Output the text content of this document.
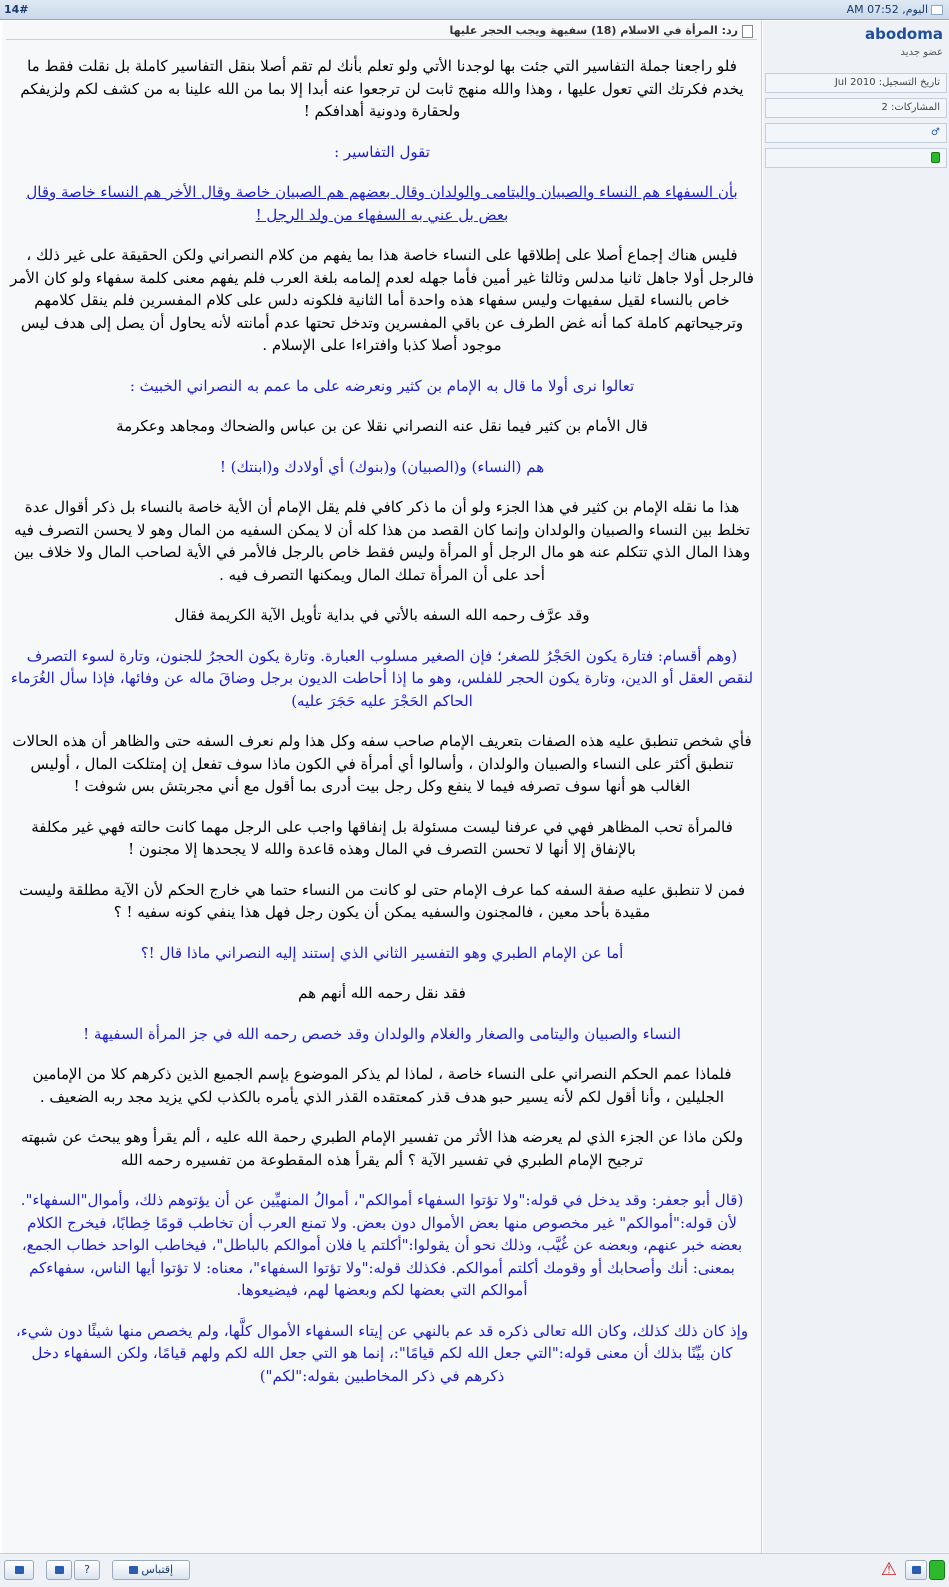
14#	اليوم, 07:52 AM
رد: المرأة في الاسلام (18) سفيهة ويجب الحجر عليها

فلو راجعنا جملة التفاسير التي جئت بها لوجدنا الأتي ولو تعلم بأنك لم تقم أصلا بنقل التفاسير كاملة بل نقلت فقط ما يخدم فكرتك التي تعول عليها ، وهذا والله منهج ثابت لن ترجعوا عنه أبدا إلا بما من الله علينا به من كشف لكم ولزيفكم ولحقارة ودونية أهدافكم !

تقول التفاسير :

بأن السفهاء هم النساء والصبيان واليتامى والولدان وقال بعضهم هم الصبيان خاصة وقال الأخر هم النساء خاصة وقال بعض بل عني به السفهاء من ولد الرجل !

فليس هناك إجماع أصلا على إطلاقها على النساء خاصة هذا بما يفهم من كلام النصراني ولكن الحقيقة على غير ذلك ، فالرجل أولا جاهل ثانيا مدلس وثالثا غير أمين فأما جهله لعدم إلمامه بلغة العرب فلم يفهم معنى كلمة سفهاء ولو كان الأمر خاص بالنساء لقيل سفيهات وليس سفهاء هذه واحدة أما الثانية فلكونه دلس على كلام المفسرين فلم ينقل كلامهم وترجيحاتهم كاملة كما أنه غض الطرف عن باقي المفسرين وتدخل تحتها عدم أمانته لأنه يحاول أن يصل إلى هدف ليس موجود أصلا كذبا وافتراءا على الإسلام .

تعالوا نرى أولا ما قال به الإمام بن كثير ونعرضه على ما عمم به النصراني الخبيث :

قال الأمام بن كثير فيما نقل عنه النصراني نقلا عن بن عباس والضحاك ومجاهد وعكرمة

هم (النساء) و(الصبيان) و(بنوك) أي أولادك و(ابنتك) !

هذا ما نقله الإمام بن كثير في هذا الجزء ولو أن ما ذكر كافي فلم يقل الإمام أن الأية خاصة بالنساء بل ذكر أقوال عدة تخلط بين النساء والصبيان والولدان وإنما كان القصد من هذا كله أن لا يمكن السفيه من المال وهو لا يحسن التصرف فيه وهذا المال الذي تتكلم عنه هو مال الرجل أو المرأة وليس فقط خاص بالرجل فالأمر في الأية لصاحب المال ولا خلاف بين أحد على أن المرأة تملك المال ويمكنها التصرف فيه .

وقد عرَّف رحمه الله السفه بالأتي في بداية تأويل الآية الكريمة فقال

(وهم أقسام: فتارة يكون الحَجْرُ للصغر؛ فإن الصغير مسلوب العبارة. وتارة يكون الحجرُ للجنون، وتارة لسوء التصرف لنقص العقل أو الدين، وتارة يكون الحجر للفلس، وهو ما إذا أحاطت الديون برجل وضاقَ ماله عن وفائها، فإذا سأل الغُرَماء الحاكم الحَجْرَ عليه حَجَرَ عليه)

فأي شخص تنطبق عليه هذه الصفات بتعريف الإمام صاحب سفه وكل هذا ولم نعرف السفه حتى والظاهر أن هذه الحالات تنطبق أكثر على النساء والصبيان والولدان ، وأسالوا أي أمرأة في الكون ماذا سوف تفعل إن إمتلكت المال ، أوليس الغالب هو أنها سوف تصرفه فيما لا ينفع وكل رجل بيت أدرى بما أقول مع أني مجربتش بس شوفت !

فالمرأة تحب المظاهر فهي في عرفنا ليست مسئولة بل إنفاقها واجب على الرجل مهما كانت حالته فهي غير مكلفة بالإنفاق إلا أنها لا تحسن التصرف في المال وهذه قاعدة والله لا يجحدها إلا مجنون !

فمن لا تنطبق عليه صفة السفه كما عرف الإمام حتى لو كانت من النساء حتما هي خارج الحكم لأن الآية مطلقة وليست مقيدة بأحد معين ، فالمجنون والسفيه يمكن أن يكون رجل فهل هذا ينفي كونه سفيه ! ؟

أما عن الإمام الطبري وهو التفسير الثاني الذي إستند إليه النصراني ماذا قال !؟

فقد نقل رحمه الله أنهم هم

النساء والصبيان واليتامى والصغار والغلام والولدان وقد خصص رحمه الله في جز المرأة السفيهة !

فلماذا عمم الحكم النصراني على النساء خاصة ، لماذا لم يذكر الموضوع بإسم الجميع الذين ذكرهم كلا من الإمامين الجليلين ، وأنا أقول لكم لأنه يسير حبو هدف قذر كمعتقده القذر الذي يأمره بالكذب لكي يزيد مجد ربه الضعيف .

ولكن ماذا عن الجزء الذي لم يعرضه هذا الأثر من تفسير الإمام الطبري رحمة الله عليه ، ألم يقرأ وهو يبحث عن شبهته ترجيح الإمام الطبري في تفسير الآية ؟ ألم يقرأ هذه المقطوعة من تفسيره رحمه الله

(قال أبو جعفر: وقد يدخل في قوله:"ولا تؤتوا السفهاء أموالكم"، أموالُ المنهيِّين عن أن يؤتوهم ذلك، وأموال"السفهاء". لأن قوله:"أموالكم" غير مخصوص منها بعض الأموال دون بعض. ولا تمنع العرب أن تخاطب قومًا خِطابًا، فيخرج الكلام بعضه خبر عنهم، وبعضه عن غُيَّب، وذلك نحو أن يقولوا:"أكلتم يا فلان أموالكم بالباطل"، فيخاطب الواحد خطاب الجمع، بمعنى: أنك وأصحابك أو وقومك أكلتم أموالكم. فكذلك قوله:"ولا تؤتوا السفهاء"، معناه: لا تؤتوا أيها الناس، سفهاءكم أموالكم التي بعضها لكم وبعضها لهم، فيضيعوها.

وإذ كان ذلك كذلك، وكان الله تعالى ذكره قد عم بالنهي عن إيتاء السفهاء الأموال كلَّها، ولم يخصص منها شيئًا دون شيء، كان بيِّنًا بذلك أن معنى قوله:"التي جعل الله لكم قيامًا":، إنما هو التي جعل الله لكم ولهم قيامًا، ولكن السفهاء دخل ذكرهم في ذكر المخاطبين بقوله:"لكم")

abodoma
عضو جديد
تاريخ التسجيل: Jul 2010
المشاركات: 2
♂
⚠
?	إقتباس
